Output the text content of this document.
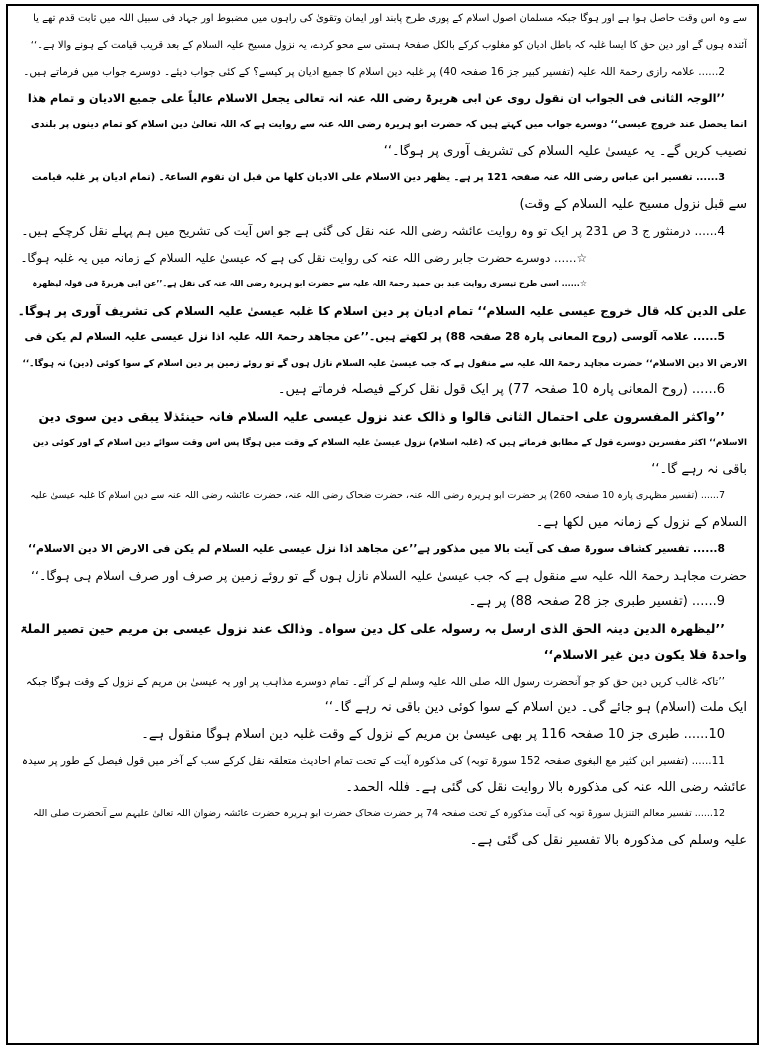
سے وہ اس وقت حاصل ہوا ہے اور ہوگا جبکہ مسلمان اصول اسلام کے پوری طرح پابند اور ایمان وتقویٰ کی راہوں میں مضبوط اور جہاد فی سبیل اللہ میں ثابت قدم تھے یا
آئندہ ہوں گے اور دین حق کا ایسا غلبہ کہ باطل ادیان کو مغلوب کرکے بالکل صفحۂ ہستی سے محو کردے، یہ نزول مسیح علیہ السلام کے بعد قریب قیامت کے ہونے والا ہے۔‘‘
2...... علامہ رازی رحمۃ اللہ علیہ (تفسیر کبیر جز 16 صفحہ 40) پر غلبہ دین اسلام کا جمیع ادیان پر کیسے؟ کے کئی جواب دیئے۔ دوسرے جواب میں فرماتے ہیں۔
’’الوجہ الثانی فی الجواب ان نقول روی عن ابی ھریرۃ رضی اللہ عنہ انہ تعالی یجعل الاسلام عالیاً علی جمیع الادیان و تمام ھذا
انما یحصل عند خروج عیسی‘‘ دوسرے جواب میں کہتے ہیں کہ حضرت ابو ہریرہ رضی اللہ عنہ سے روایت ہے کہ اللہ تعالیٰ دین اسلام کو تمام دینوں پر بلندی
نصیب کریں گے۔ یہ عیسیٰ علیہ السلام کی تشریف آوری پر ہوگا۔‘‘
3...... تفسیر ابن عباس رضی اللہ عنہ صفحہ 121 پر ہے۔ یظھر دین الاسلام علی الادیان کلھا من قبل ان تقوم الساعۃ۔ (تمام ادیان پر غلبہ قیامت
سے قبل نزول مسیح علیہ السلام کے وقت)
4...... درمنثور ج 3 ص 231 پر ایک تو وہ روایت عائشہ رضی اللہ عنہ نقل کی گئی ہے جو اس آیت کی تشریح میں ہم پہلے نقل کرچکے ہیں۔
☆...... دوسرے حضرت جابر رضی اللہ عنہ کی روایت نقل کی ہے کہ عیسیٰ علیہ السلام کے زمانہ میں یہ غلبہ ہوگا۔
☆...... اسی طرح تیسری روایت عبد بن حمید رحمۃ اللہ علیہ سے حضرت ابو ہریرہ رضی اللہ عنہ کی نقل ہے۔’’عن ابی ھریرۃ فی قولہ لیظھرہ
علی الدین کلہ قال خروج عیسی علیہ السلام‘‘ تمام ادیان پر دین اسلام کا غلبہ عیسیٰ علیہ السلام کی تشریف آوری پر ہوگا۔
5...... علامہ آلوسی (روح المعانی پارہ 28 صفحہ 88) پر لکھتے ہیں۔’’عن مجاھد رحمۃ اللہ علیہ اذا نزل عیسی علیہ السلام لم یکن فی
الارض الا دین الاسلام‘‘ حضرت مجاہد رحمۃ اللہ علیہ سے منقول ہے کہ جب عیسیٰ علیہ السلام نازل ہوں گے تو روئے زمین پر دین اسلام کے سوا کوئی (دین) نہ ہوگا۔‘‘
6...... (روح المعانی پارہ 10 صفحہ 77) پر ایک قول نقل کرکے فیصلہ فرماتے ہیں۔
’’واکثر المفسرون علی احتمال الثانی قالوا و ذالک عند نزول عیسی علیہ السلام فانہ حینئذلا یبقی دین سوی دین
الاسلام‘‘ اکثر مفسرین دوسرے قول کے مطابق فرماتے ہیں کہ (غلبہ اسلام) نزول عیسیٰ علیہ السلام کے وقت میں ہوگا پس اس وقت سوائے دین اسلام کے اور کوئی دین
باقی نہ رہے گا۔‘‘
7...... (تفسیر مظہری پارہ 10 صفحہ 260) پر حضرت ابو ہریرہ رضی اللہ عنہ، حضرت ضحاک رضی اللہ عنہ، حضرت عائشہ رضی اللہ عنہ سے دین اسلام کا غلبہ عیسیٰ علیہ
السلام کے نزول کے زمانہ میں لکھا ہے۔
8...... تفسیر کشاف سورۃ صف کی آیت بالا میں مذکور ہے’’عن مجاھد اذا نزل عیسی علیہ السلام لم یکن فی الارض الا دین الاسلام‘‘
حضرت مجاہد رحمۃ اللہ علیہ سے منقول ہے کہ جب عیسیٰ علیہ السلام نازل ہوں گے تو روئے زمین پر صرف اور صرف اسلام ہی ہوگا۔‘‘
9...... (تفسیر طبری جز 28 صفحہ 88) پر ہے۔
’’لیظھرہ الدین دینہ الحق الذی ارسل بہ رسولہ علی کل دین سواہ۔ وذالک عند نزول عیسی بن مریم حین تصیر الملۃ
واحدۃ فلا یکون دین غیر الاسلام‘‘
’’تاکہ غالب کریں دین حق کو جو آنحضرت رسول اللہ صلی اللہ علیہ وسلم لے کر آئے۔ تمام دوسرے مذاہب پر اور یہ عیسیٰ بن مریم کے نزول کے وقت ہوگا جبکہ
ایک ملت (اسلام) ہو جائے گی۔ دین اسلام کے سوا کوئی دین باقی نہ رہے گا۔‘‘
10...... طبری جز 10 صفحہ 116 پر بھی عیسیٰ بن مریم کے نزول کے وقت غلبہ دین اسلام ہوگا منقول ہے۔
11...... (تفسیر ابن کثیر مع البغوی صفحہ 152 سورۃ توبہ) کی مذکورہ آیت کے تحت تمام احادیث متعلقہ نقل کرکے سب کے آخر میں قول فیصل کے طور پر سیدہ
عائشہ رضی اللہ عنہ کی مذکورہ بالا روایت نقل کی گئی ہے۔ فللہ الحمد۔
12...... تفسیر معالم التنزیل سورۃ توبہ کی آیت مذکورہ کے تحت صفحہ 74 پر حضرت ضحاک حضرت ابو ہریرہ حضرت عائشہ رضوان اللہ تعالیٰ علیہم سے آنحضرت صلی اللہ
علیہ وسلم کی مذکورہ بالا تفسیر نقل کی گئی ہے۔
